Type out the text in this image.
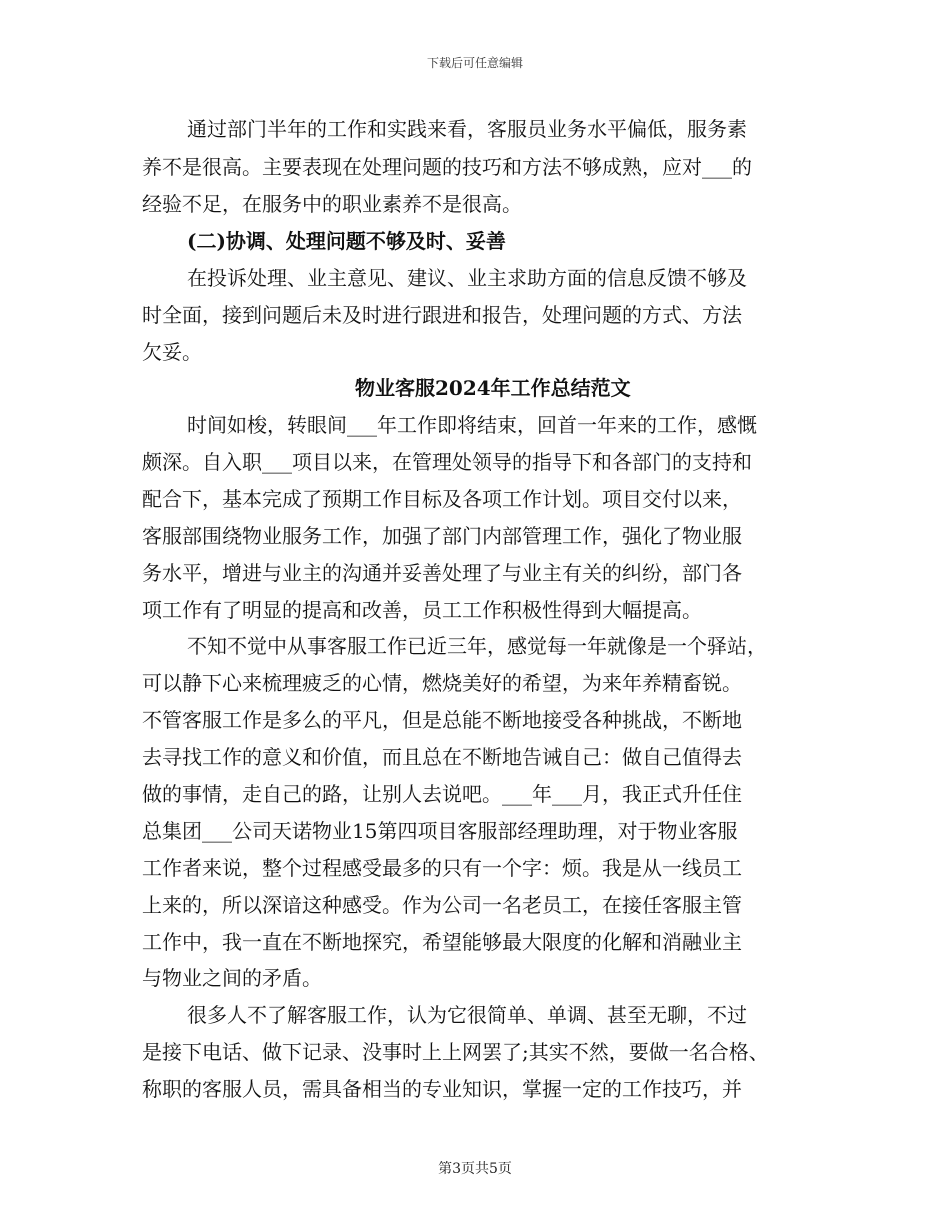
下载后可任意编辑
通过部门半年的工作和实践来看，客服员业务水平偏低，服务素
养不是很高。主要表现在处理问题的技巧和方法不够成熟，应对___的
经验不足，在服务中的职业素养不是很高。
(二)协调、处理问题不够及时、妥善
在投诉处理、业主意见、建议、业主求助方面的信息反馈不够及
时全面，接到问题后未及时进行跟进和报告，处理问题的方式、方法
欠妥。
物业客服2024年工作总结范文
时间如梭，转眼间___年工作即将结束，回首一年来的工作，感慨
颇深。自入职___项目以来，在管理处领导的指导下和各部门的支持和
配合下，基本完成了预期工作目标及各项工作计划。项目交付以来，
客服部围绕物业服务工作，加强了部门内部管理工作，强化了物业服
务水平，增进与业主的沟通并妥善处理了与业主有关的纠纷，部门各
项工作有了明显的提高和改善，员工工作积极性得到大幅提高。
不知不觉中从事客服工作已近三年，感觉每一年就像是一个驿站，
可以静下心来梳理疲乏的心情，燃烧美好的希望，为来年养精畜锐。
不管客服工作是多么的平凡，但是总能不断地接受各种挑战，不断地
去寻找工作的意义和价值，而且总在不断地告诫自己：做自己值得去
做的事情，走自己的路，让别人去说吧。___年___月，我正式升任住
总集团___公司天诺物业15第四项目客服部经理助理，对于物业客服
工作者来说，整个过程感受最多的只有一个字：烦。我是从一线员工
上来的，所以深谙这种感受。作为公司一名老员工，在接任客服主管
工作中，我一直在不断地探究，希望能够最大限度的化解和消融业主
与物业之间的矛盾。
很多人不了解客服工作，认为它很简单、单调、甚至无聊，不过
是接下电话、做下记录、没事时上上网罢了;其实不然，要做一名合格、
称职的客服人员，需具备相当的专业知识，掌握一定的工作技巧，并
第3页共5页
